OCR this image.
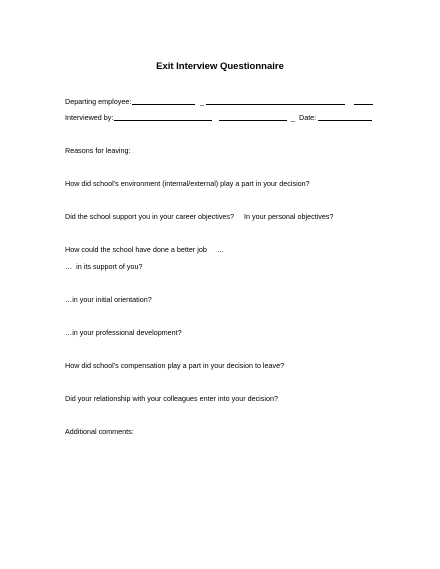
Exit Interview Questionnaire
Departing employee:	_
Interviewed by:	_ Date:
Reasons for leaving:
How did school's environment (internal/external) play a part in your decision?
Did the school support you in your career objectives?     In your personal objectives?
How could the school have done a better job     …
…  in its support of you?
…in your initial orientation?
…in your professional development?
How did school's compensation play a part in your decision to leave?
Did your relationship with your colleagues enter into your decision?
Additional comments:
